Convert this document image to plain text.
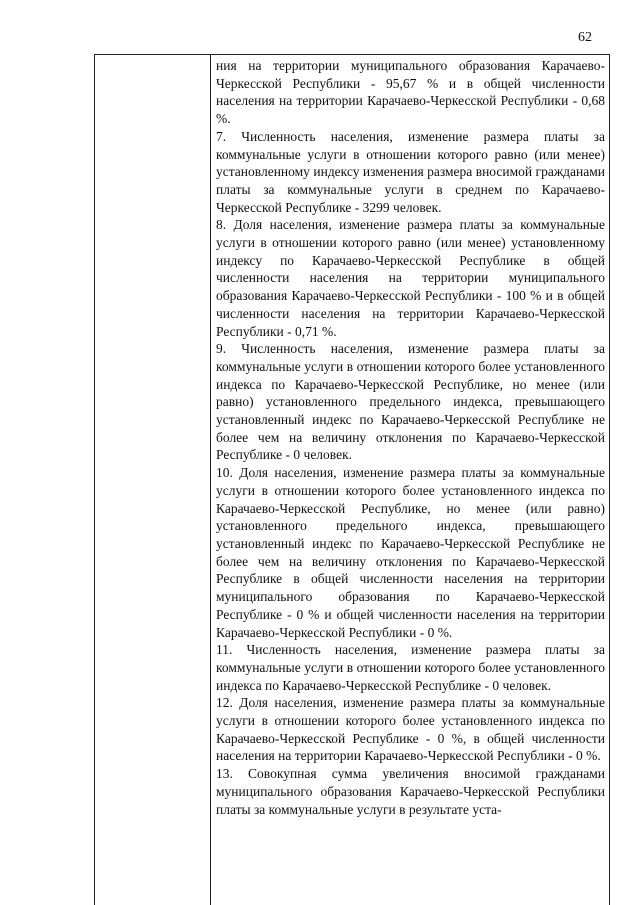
62

ния на территории муниципального образования Карачаево-Черкесской Республики - 95,67 % и в общей численности населения на территории Карачаево-Черкесской Республики - 0,68 %.

7. Численность населения, изменение размера платы за коммунальные услуги в отношении которого равно (или менее) установленному индексу изменения размера вносимой гражданами платы за коммунальные услуги в среднем по Карачаево-Черкесской Республике - 3299 человек.

8. Доля населения, изменение размера платы за коммунальные услуги в отношении которого равно (или менее) установленному индексу по Карачаево-Черкесской Республике в общей численности населения на территории муниципального образования Карачаево-Черкесской Республики - 100 % и в общей численности населения на территории Карачаево-Черкесской Республики - 0,71 %.

9. Численность населения, изменение размера платы за коммунальные услуги в отношении которого более установленного индекса по Карачаево-Черкесской Республике, но менее (или равно) установленного предельного индекса, превышающего установленный индекс по Карачаево-Черкесской Республике не более чем на величину отклонения по Карачаево-Черкесской Республике - 0 человек.

10. Доля населения, изменение размера платы за коммунальные услуги в отношении которого более установленного индекса по Карачаево-Черкесской Республике, но менее (или равно) установленного предельного индекса, превышающего установленный индекс по Карачаево-Черкесской Республике не более чем на величину отклонения по Карачаево-Черкесской Республике в общей численности населения на территории муниципального образования по Карачаево-Черкесской Республике - 0 % и общей численности населения на территории Карачаево-Черкесской Республики - 0 %.

11. Численность населения, изменение размера платы за коммунальные услуги в отношении которого более установленного индекса по Карачаево-Черкесской Республике - 0 человек.

12. Доля населения, изменение размера платы за коммунальные услуги в отношении которого более установленного индекса по Карачаево-Черкесской Республике - 0 %, в общей численности населения на территории Карачаево-Черкесской Республики - 0 %.

13. Совокупная сумма увеличения вносимой гражданами муниципального образования Карачаево-Черкесской Республики платы за коммунальные услуги в результате уста-
